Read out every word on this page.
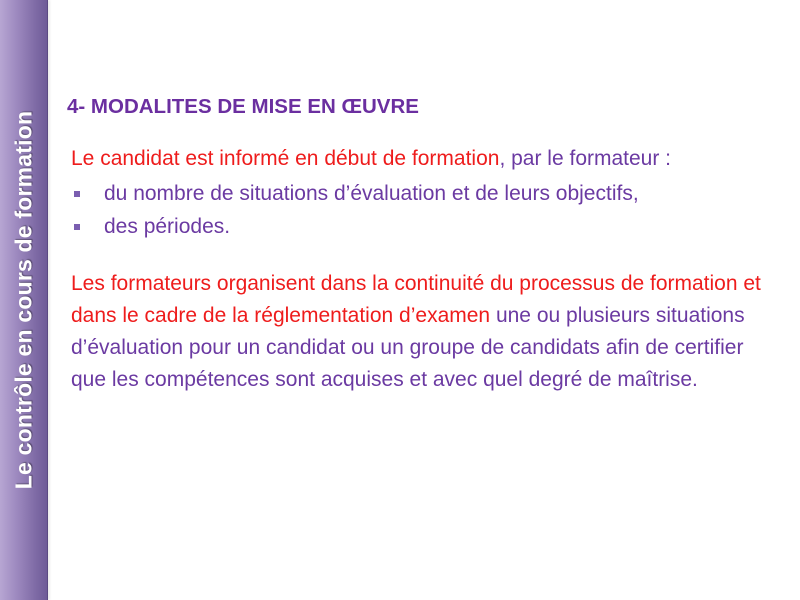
Le contrôle en cours de formation
4- MODALITES DE MISE EN ŒUVRE

Le candidat est informé en début de formation, par le formateur :

du nombre de situations d’évaluation et de leurs objectifs,
des périodes.

Les formateurs organisent dans la continuité du processus de formation et dans le cadre de la réglementation d’examen une ou plusieurs situations d’évaluation pour un candidat ou un groupe de candidats afin de certifier que les compétences sont acquises et avec quel degré de maîtrise.
